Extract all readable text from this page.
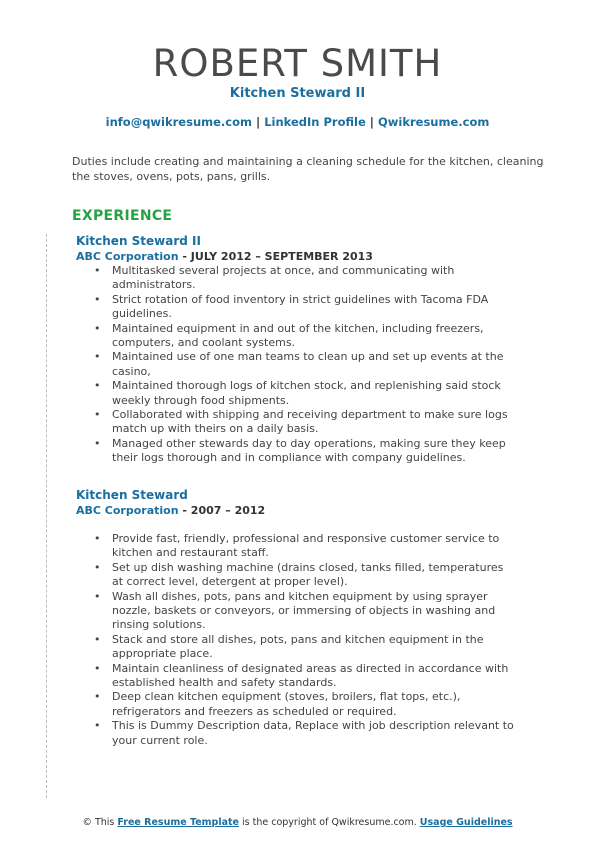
ROBERT SMITH
Kitchen Steward II
info@qwikresume.com | LinkedIn Profile | Qwikresume.com
Duties include creating and maintaining a cleaning schedule for the kitchen, cleaning the stoves, ovens, pots, pans, grills.
EXPERIENCE
Kitchen Steward II
ABC Corporation - JULY 2012 – SEPTEMBER 2013
• Multitasked several projects at once, and communicating with administrators.
• Strict rotation of food inventory in strict guidelines with Tacoma FDA guidelines.
• Maintained equipment in and out of the kitchen, including freezers, computers, and coolant systems.
• Maintained use of one man teams to clean up and set up events at the casino,
• Maintained thorough logs of kitchen stock, and replenishing said stock weekly through food shipments.
• Collaborated with shipping and receiving department to make sure logs match up with theirs on a daily basis.
• Managed other stewards day to day operations, making sure they keep their logs thorough and in compliance with company guidelines.
Kitchen Steward
ABC Corporation - 2007 – 2012
• Provide fast, friendly, professional and responsive customer service to kitchen and restaurant staff.
• Set up dish washing machine (drains closed, tanks filled, temperatures at correct level, detergent at proper level).
• Wash all dishes, pots, pans and kitchen equipment by using sprayer nozzle, baskets or conveyors, or immersing of objects in washing and rinsing solutions.
• Stack and store all dishes, pots, pans and kitchen equipment in the appropriate place.
• Maintain cleanliness of designated areas as directed in accordance with established health and safety standards.
• Deep clean kitchen equipment (stoves, broilers, flat tops, etc.), refrigerators and freezers as scheduled or required.
• This is Dummy Description data, Replace with job description relevant to your current role.
© This Free Resume Template is the copyright of Qwikresume.com. Usage Guidelines
